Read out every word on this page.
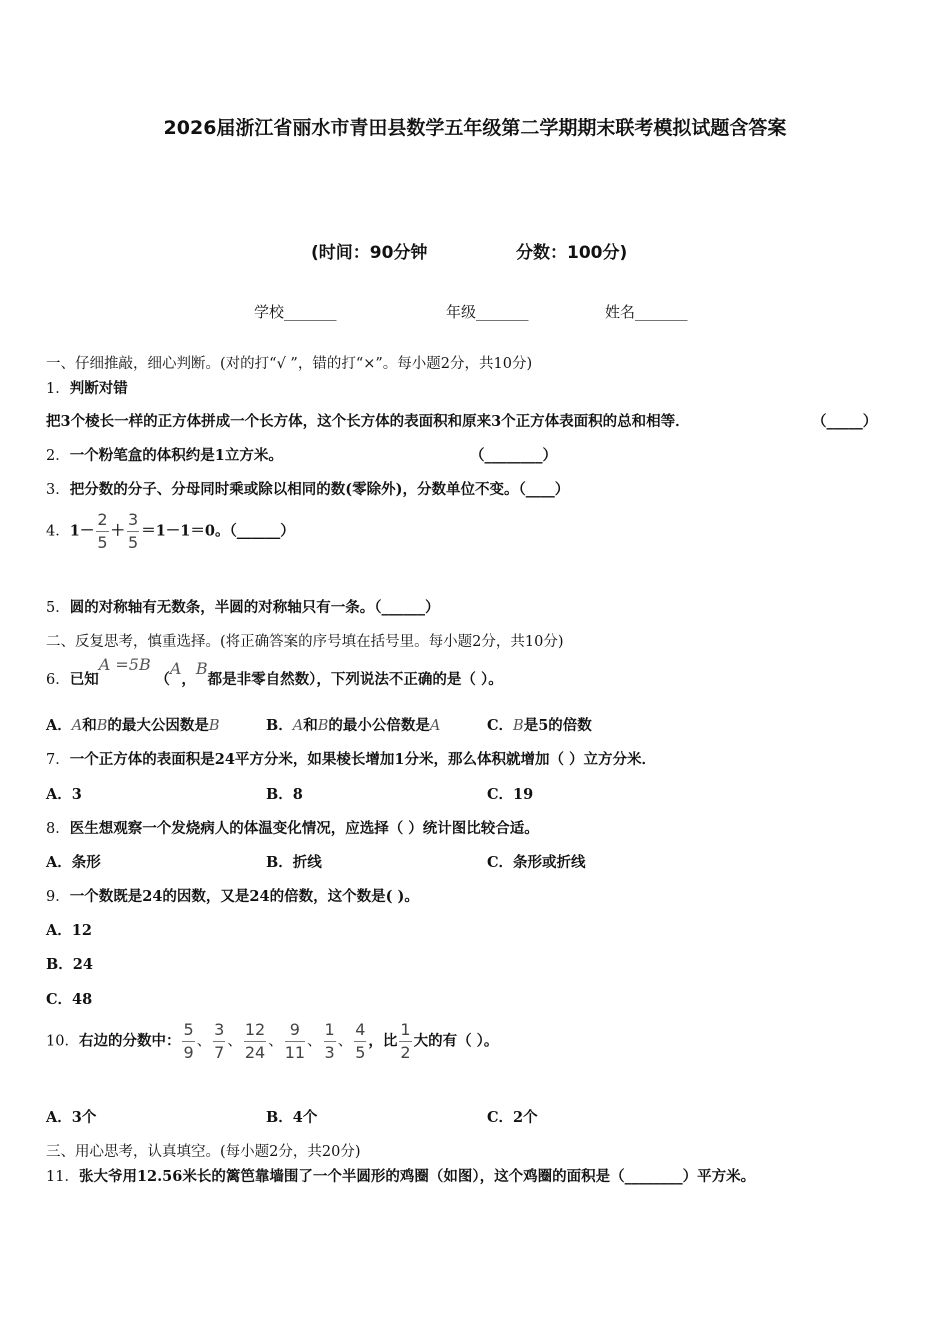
2026届浙江省丽水市青田县数学五年级第二学期期末联考模拟试题含答案
(时间：90分钟	分数：100分)
学校_______	年级_______	姓名_______
一、仔细推敲，细心判断。(对的打“√ ”，错的打“×”。每小题2分，共10分)
1．判断对错
把3个棱长一样的正方体拼成一个长方体，这个长方体的表面积和原来3个正方体表面积的总和相等．	（_____）
2．一个粉笔盒的体积约是1立方米。	（________）
3．把分数的分子、分母同时乘或除以相同的数(零除外)，分数单位不变。（____）
4．$1- \frac{2}{5} + \frac{3}{5} =1-1=0$。（______）
5．圆的对称轴有无数条，半圆的对称轴只有一条。（______）
二、反复思考，慎重选择。(将正确答案的序号填在括号里。每小题2分，共10分)
6．已知A =5B （A，B都是非零自然数），下列说法不正确的是（ ）。
A．A和B的最大公因数是B	B．A和B的最小公倍数是A	C．B是5的倍数
7．一个正方体的表面积是24平方分米，如果棱长增加1分米，那么体积就增加（ ）立方分米．
A．3	B．8	C．19
8．医生想观察一个发烧病人的体温变化情况，应选择（ ）统计图比较合适。
A．条形	B．折线	C．条形或折线
9．一个数既是24的因数，又是24的倍数，这个数是( )。
A．12
B．24
C．48
10．右边的分数中： $\frac{5}{9}$ 、 $\frac{3}{7}$ 、 $\frac{12}{24}$ 、 $\frac{9}{11}$ 、 $\frac{1}{3}$ 、 $\frac{4}{5}$ ，比 $\frac{1}{2}$ 大的有（ ）。
A．3个	B．4个	C．2个
三、用心思考，认真填空。(每小题2分，共20分)
11．张大爷用12.56米长的篱笆靠墙围了一个半圆形的鸡圈（如图），这个鸡圈的面积是（________）平方米。
